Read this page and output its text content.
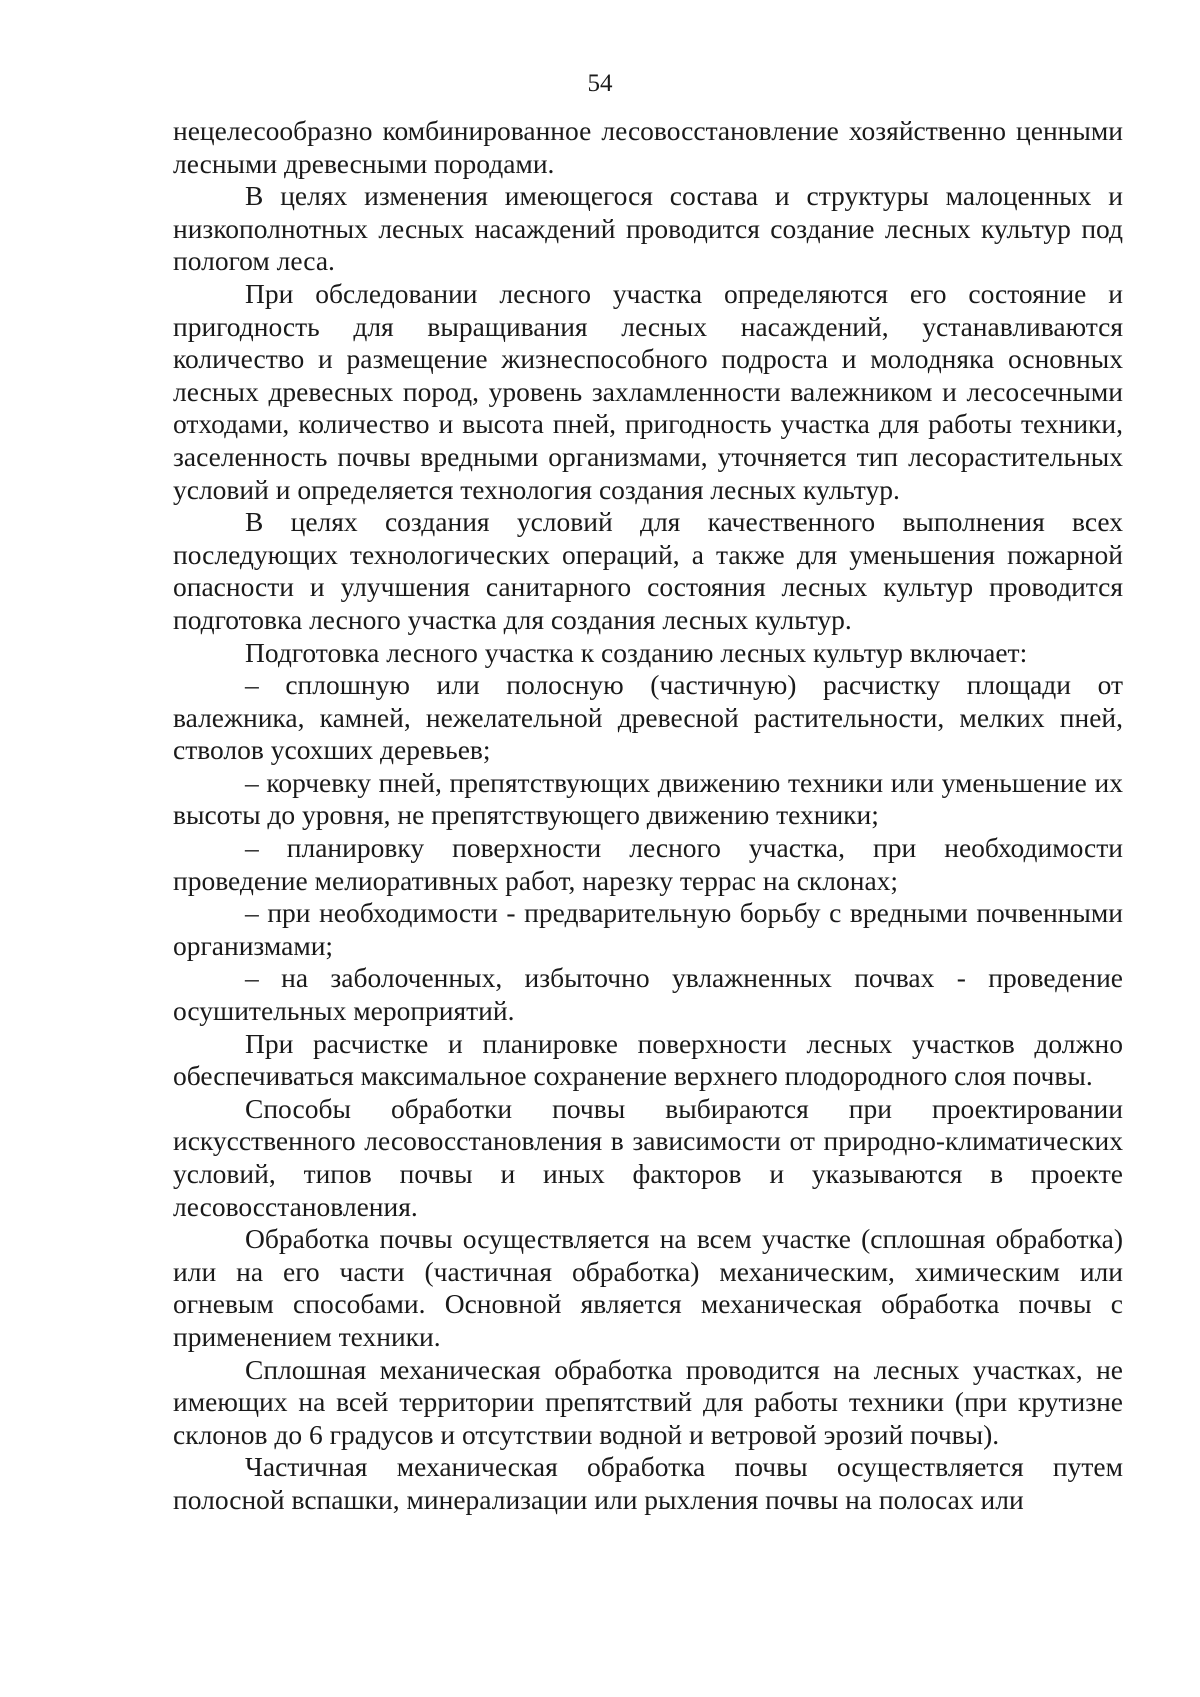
54

нецелесообразно комбинированное лесовосстановление хозяйственно ценными лесными древесными породами.

В целях изменения имеющегося состава и структуры малоценных и низкополнотных лесных насаждений проводится создание лесных культур под пологом леса.

При обследовании лесного участка определяются его состояние и пригодность для выращивания лесных насаждений, устанавливаются количество и размещение жизнеспособного подроста и молодняка основных лесных древесных пород, уровень захламленности валежником и лесосечными отходами, количество и высота пней, пригодность участка для работы техники, заселенность почвы вредными организмами, уточняется тип лесорастительных условий и определяется технология создания лесных культур.

В целях создания условий для качественного выполнения всех последующих технологических операций, а также для уменьшения пожарной опасности и улучшения санитарного состояния лесных культур проводится подготовка лесного участка для создания лесных культур.

Подготовка лесного участка к созданию лесных культур включает:

– сплошную или полосную (частичную) расчистку площади от валежника, камней, нежелательной древесной растительности, мелких пней, стволов усохших деревьев;

– корчевку пней, препятствующих движению техники или уменьшение их высоты до уровня, не препятствующего движению техники;

– планировку поверхности лесного участка, при необходимости проведение мелиоративных работ, нарезку террас на склонах;

– при необходимости - предварительную борьбу с вредными почвенными организмами;

– на заболоченных, избыточно увлажненных почвах - проведение осушительных мероприятий.

При расчистке и планировке поверхности лесных участков должно обеспечиваться максимальное сохранение верхнего плодородного слоя почвы.

Способы обработки почвы выбираются при проектировании искусственного лесовосстановления в зависимости от природно-климатических условий, типов почвы и иных факторов и указываются в проекте лесовосстановления.

Обработка почвы осуществляется на всем участке (сплошная обработка) или на его части (частичная обработка) механическим, химическим или огневым способами. Основной является механическая обработка почвы с применением техники.

Сплошная механическая обработка проводится на лесных участках, не имеющих на всей территории препятствий для работы техники (при крутизне склонов до 6 градусов и отсутствии водной и ветровой эрозий почвы).

Частичная механическая обработка почвы осуществляется путем полосной вспашки, минерализации или рыхления почвы на полосах или
